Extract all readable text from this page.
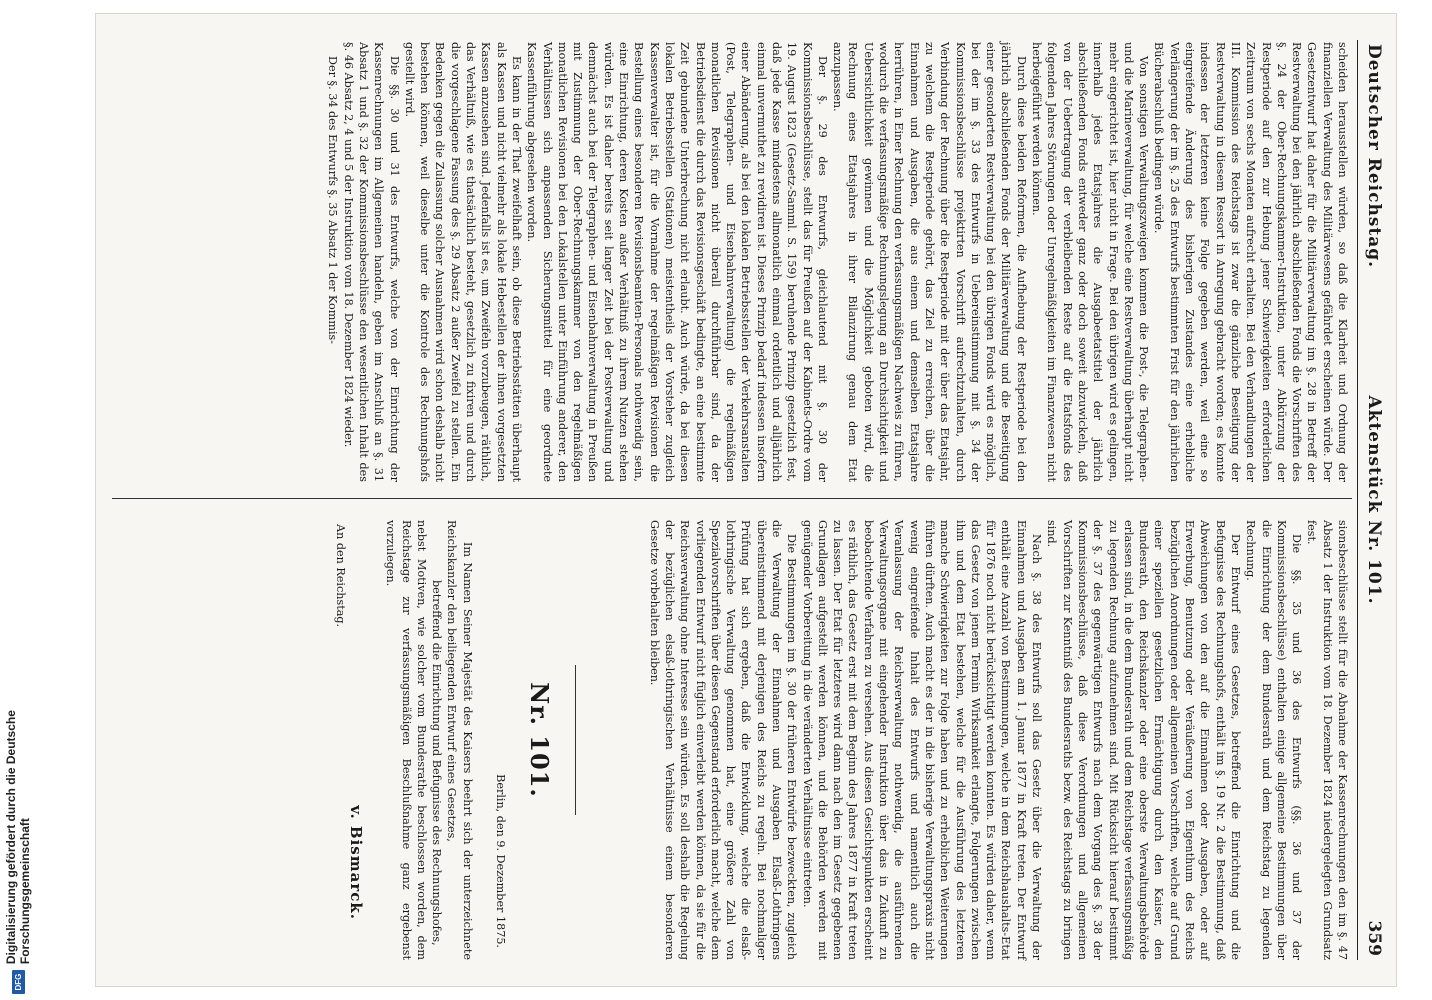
DFG
Digitalisierung gefördert durch die Deutsche Forschungsgemeinschaft
Deutscher Reichstag.
Aktenstück Nr. 101.
359

scheiden herausstellen würden, so daß die Klarheit und Ordnung der finanziellen Verwaltung des Militärwesens gefährdet erscheinen würde. Der Gesetzentwurf hat daher für die Militärverwaltung im §. 28 in Betreff der Restverwaltung bei den jährlich abschließenden Fonds die Vorschriften des §. 24 der Ober-Rechnungskammer-Instruktion, unter Abkürzung der Restperiode auf den zur Hebung jener Schwierigkeiten erforderlichen Zeitraum von sechs Monaten aufrecht erhalten. Bei den Verhandlungen der III. Kommission des Reichstags ist zwar die gänzliche Beseitigung der Restverwaltung in diesem Ressort in Anregung gebracht worden; es konnte indessen der letzteren keine Folge gegeben werden, weil eine so eingreifende Änderung des bisherigen Zustandes eine erhebliche Verlängerung der im §. 25 des Entwurfs bestimmten Frist für den jährlichen Bücherabschluß bedingen würde.

Von sonstigen Verwaltungszweigen kommen die Post-, die Telegraphen- und die Marineverwaltung, für welche eine Restverwaltung überhaupt nicht mehr eingerichtet ist, hier nicht in Frage. Bei den übrigen wird es gelingen, innerhalb jedes Etatsjahres die Ausgabeetatstitel der jährlich abschließenden Fonds entweder ganz oder doch soweit abzuwickeln, daß von der Uebertragung der verbleibenden Reste auf die Etatsfonds des folgenden Jahres Störungen oder Unregelmäßigkeiten im Finanzwesen nicht herbeigeführt werden können.

Durch diese beiden Reformen, die Aufhebung der Restperiode bei den jährlich abschließenden Fonds der Militärverwaltung und die Beseitigung einer gesonderten Restverwaltung bei den übrigen Fonds wird es möglich, bei der im §. 33 des Entwurfs in Uebereinstimmung mit §. 34 der Kommissionsbeschlüsse projektirten Vorschrift aufrechtzuhalten, durch Verbindung der Rechnung über die Restperiode mit der über das Etatsjahr, zu welchem die Restperiode gehört, das Ziel zu erreichen, über die Einnahmen und Ausgaben, die aus einem und demselben Etatsjahre herrühren, in Einer Rechnung den verfassungsmäßigen Nachweis zu führen, wodurch die verfassungsmäßige Rechnungslegung an Durchsichtigkeit und Uebersichtlichkeit gewinnen und die Möglichkeit geboten wird, die Rechnung eines Etatsjahres in ihrer Bilanzirung genau dem Etat anzupassen.

Der §. 29 des Entwurfs, gleichlautend mit §. 30 der Kommissionsbeschlüsse, stellt das für Preußen auf der Kabinets-Ordre vom 19. August 1823 (Gesetz-Samml. S. 159) beruhende Prinzip gesetzlich fest, daß jede Kasse mindestens allmonatlich einmal ordentlich und alljährlich einmal unvermuthet zu revidiren ist. Dieses Prinzip bedarf indessen insofern einer Abänderung, als bei den lokalen Betriebsstellen der Verkehrsanstalten (Post, Telegraphen- und Eisenbahnverwaltung) die regelmäßigen monatlichen Revisionen nicht überall durchführbar sind, da der Betriebsdienst die durch das Revisionsgeschäft bedingte, an eine bestimmte Zeit gebundene Unterbrechung nicht erlaubt. Auch würde, da bei diesen lokalen Betriebsstellen (Stationen) meistentheils der Vorsteher zugleich Kassenverwalter ist, für die Vornahme der regelmäßigen Revisionen die Bestellung eines besonderen Revisionsbeamten-Personals nothwendig sein, eine Einrichtung, deren Kosten außer Verhältniß zu ihrem Nutzen stehen würden. Es ist daher bereits seit langer Zeit bei der Postverwaltung und demnächst auch bei der Telegraphen- und Eisenbahnverwaltung in Preußen mit Zustimmung der Ober-Rechnungskammer von den regelmäßigen monatlichen Revisionen bei den Lokalstellen unter Einführung anderer, den Verhältnissen sich anpassenden Sicherungsmittel für eine geordnete Kassenführung abgesehen worden.

Es kann in der That zweifelhaft sein, ob diese Betriebsstätten überhaupt als Kassen und nicht vielmehr als lokale Hebestellen der ihnen vorgesetzten Kassen anzusehen sind. Jedenfalls ist es, um Zweifeln vorzubeugen, räthlich, das Verhältniß, wie es thatsächlich besteht, gesetzlich zu fixiren und durch die vorgeschlagene Fassung des §. 29 Absatz 2 außer Zweifel zu stellen. Ein Bedenken gegen die Zulassung solcher Ausnahmen wird schon deshalb nicht bestehen können, weil dieselbe unter die Kontrole des Rechnungshofs gestellt wird.

Die §§. 30 und 31 des Entwurfs, welche von der Einrichtung der Kassenrechnungen im Allgemeinen handeln, geben im Anschluß an §. 31 Absatz 1 und §. 32 der Kommissionsbeschlüsse den wesentlichen Inhalt des §. 46 Absatz 2, 4 und 5 der Instruktion vom 18. Dezember 1824 wieder.

Der §. 34 des Entwurfs §. 35 Absatz 1 der Kommis-

sionsbeschlüsse stellt für die Abnahme der Kassenrechnungen den im §. 47 Absatz 1 der Instruktion vom 18. Dezember 1824 niedergelegten Grundsatz fest.

Die §§. 35 und 36 des Entwurfs (§§. 36 und 37 der Kommissionsbeschlüsse) enthalten einige allgemeine Bestimmungen über die Einrichtung der dem Bundesrath und dem Reichstag zu legenden Rechnung.

Der Entwurf eines Gesetzes, betreffend die Einrichtung und die Befugnisse des Rechnungshofs, enthält im §. 19 Nr. 2 die Bestimmung, daß Abweichungen von den auf die Einnahmen oder Ausgaben, oder auf Erwerbung, Benutzung oder Veräußerung von Eigenthum des Reichs bezüglichen Anordnungen oder allgemeinen Vorschriften, welche auf Grund einer speziellen gesetzlichen Ermächtigung durch den Kaiser, den Bundesrath, den Reichskanzler oder eine oberste Verwaltungsbehörde erlassen sind, in die dem Bundesrath und dem Reichstage verfassungsmäßig zu legenden Rechnung aufzunehmen sind. Mit Rücksicht hierauf bestimmt der §. 37 des gegenwärtigen Entwurfs nach dem Vorgang des §. 38 der Kommissionsbeschlüsse, daß diese Verordnungen und allgemeinen Vorschriften zur Kenntniß des Bundesraths bezw. des Reichstags zu bringen sind.

Nach §. 38 des Entwurfs soll das Gesetz über die Verwaltung der Einnahmen und Ausgaben am 1. Januar 1877 in Kraft treten. Der Entwurf enthält eine Anzahl von Bestimmungen, welche in dem Reichshaushalts-Etat für 1876 noch nicht berücksichtigt werden konnten. Es würden daher, wenn das Gesetz von jenem Termin Wirksamkeit erlangte, Folgerungen zwischen ihm und dem Etat bestehen, welche für die Ausführung des letzteren manche Schwierigkeiten zur Folge haben und zu erheblichen Weiterungen führen dürften. Auch macht es der in die bisherige Verwaltungspraxis nicht wenig eingreifende Inhalt des Entwurfs und namentlich auch die Veranlassung der Reichsverwaltung nothwendig, die ausführenden Verwaltungsorgane mit eingehender Instruktion über das in Zukunft zu beobachtende Verfahren zu versehen. Aus diesen Gesichtspunkten erscheint es räthlich, das Gesetz erst mit dem Beginn des Jahres 1877 in Kraft treten zu lassen. Der Etat für letzteres wird dann nach den im Gesetz gegebenen Grundlagen aufgestellt werden können, und die Behörden werden mit genügender Vorbereitung in die veränderten Verhältnisse eintreten.

Die Bestimmungen im §. 30 der früheren Entwürfe bezweckten, zugleich die Verwaltung der Einnahmen und Ausgaben Elsaß-Lothringens übereinstimmend mit derjenigen des Reichs zu regeln. Bei nochmaliger Prüfung hat sich ergeben, daß die Entwicklung, welche die elsaß-lothringische Verwaltung genommen hat, eine größere Zahl von Spezialvorschriften über diesen Gegenstand erforderlich macht, welche dem vorliegenden Entwurf nicht füglich einverleibt werden können, da sie für die Reichsverwaltung ohne Interesse sein würden. Es soll deshalb die Regelung der bezüglichen elsaß-lothringischen Verhältnisse einem besonderen Gesetze vorbehalten bleiben.

Nr. 101.
Berlin, den 9. Dezember 1875.

Im Namen Seiner Majestät des Kaisers beehrt sich der unterzeichnete Reichskanzler den beiliegenden Entwurf eines Gesetzes,

betreffend die Einrichtung und Befugnisse des Rechnungshofes,

nebst Motiven, wie solcher vom Bundesrathe beschlossen worden, dem Reichstage zur verfassungsmäßigen Beschlußnahme ganz ergebenst vorzulegen.

v. Bismarck.

An den Reichstag.
